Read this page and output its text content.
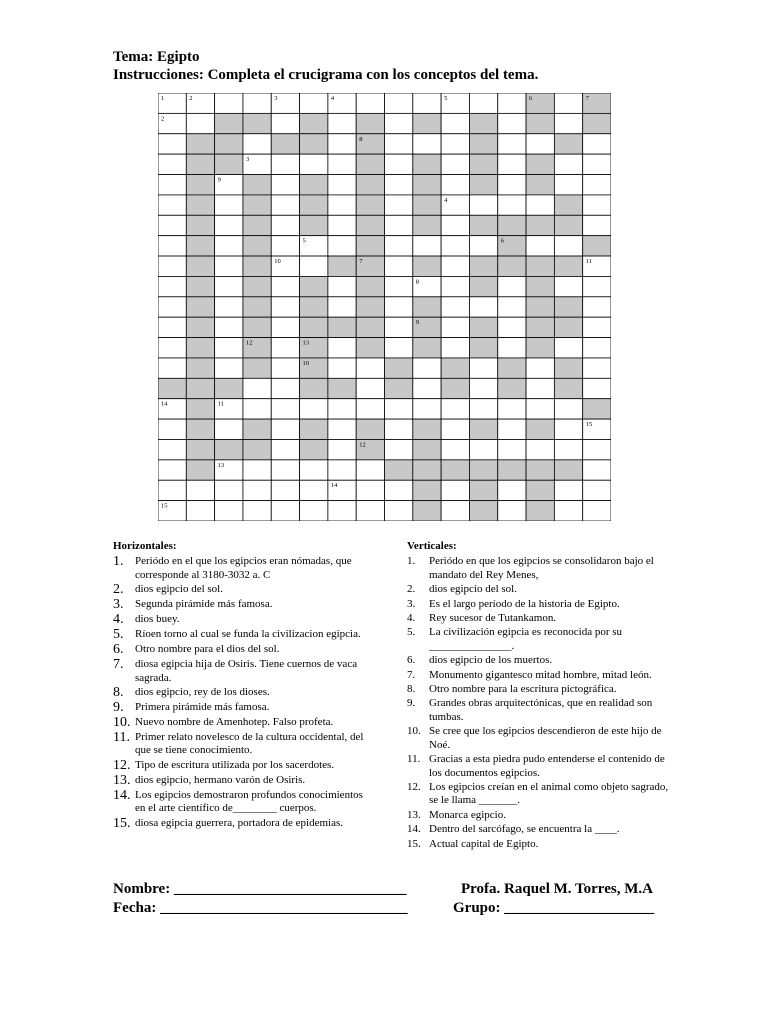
Tema: Egipto
Instrucciones: Completa el crucigrama con los conceptos del tema.
1	2	3	4	5	6	7
2
8
3
9
4
5	6
10	7	11
8
9
12	13
10
14	11
15
12
13
14
15
Horizontales:
1.	Periódo en el que los egipcios eran nómadas, que corresponde al 3180-3032 a. C
2.	dios egipcio del sol.
3.	Segunda pirámide más famosa.
4.	dios buey.
5.	Ríoen torno al cual se funda la civilizacion egipcia.
6.	Otro nombre para el dios del sol.
7.	diosa egipcia hija de Osiris. Tiene cuernos de vaca sagrada.
8.	dios egipcio, rey de los dioses.
9.	Primera pirámide más famosa.
10. Nuevo nombre de Amenhotep. Falso profeta.
11. Primer relato novelesco de la cultura occidental, del que se tiene conocimiento.
12. Tipo de escritura utilizada por los sacerdotes.
13. dios egipcio, hermano varón de Osiris.
14. Los egipcios demostraron profundos conocimientos en el arte científico de________ cuerpos.
15. diosa egipcia guerrera, portadora de epidemias.
Verticales:
1.	Periódo en que los egipcios se consolidaron bajo el mandato del Rey Menes,
2.	dios egipcio del sol.
3.	Es el largo período de la historia de Egipto.
4.	Rey sucesor de Tutankamon.
5.	La civilización egipcia es reconocida por su _______________.
6.	dios egipcio de los muertos.
7.	Monumento gigantesco mitad hombre, mitad león.
8.	Otro nombre para la escritura pictográfica.
9.	Grandes obras arquitectónicas, que en realidad son tumbas.
10. Se cree que los egipcios descendieron de este hijo de Noé.
11. Gracias a esta piedra pudo entenderse el contenido de los documentos egipcios.
12. Los egipcios creían en el animal como objeto sagrado, se le llama _______.
13. Monarca egipcio.
14. Dentro del sarcófago, se encuentra la ____.
15. Actual capital de Egipto.
Nombre: _______________________________
Fecha: _________________________________
Profa. Raquel M. Torres, M.A
Grupo: ____________________
